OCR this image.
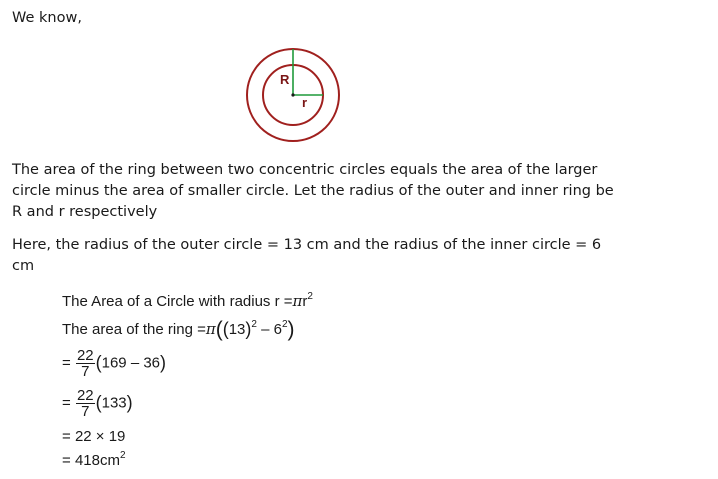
We know,
R
r
The area of the ring between two concentric circles equals the area of the larger circle minus the area of smaller circle. Let the radius of the outer and inner ring be R and r respectively
Here, the radius of the outer circle = 13 cm and the radius of the inner circle = 6 cm
The Area of a Circle with radius $r =\pi r^2$
The area of the ring $=\pi((13)^2 - 6^2)$
= $\frac{22}{7} (169 - 36)$
= $\frac{22}{7} (133)$
= 22 × 19
= $418cm^2$
